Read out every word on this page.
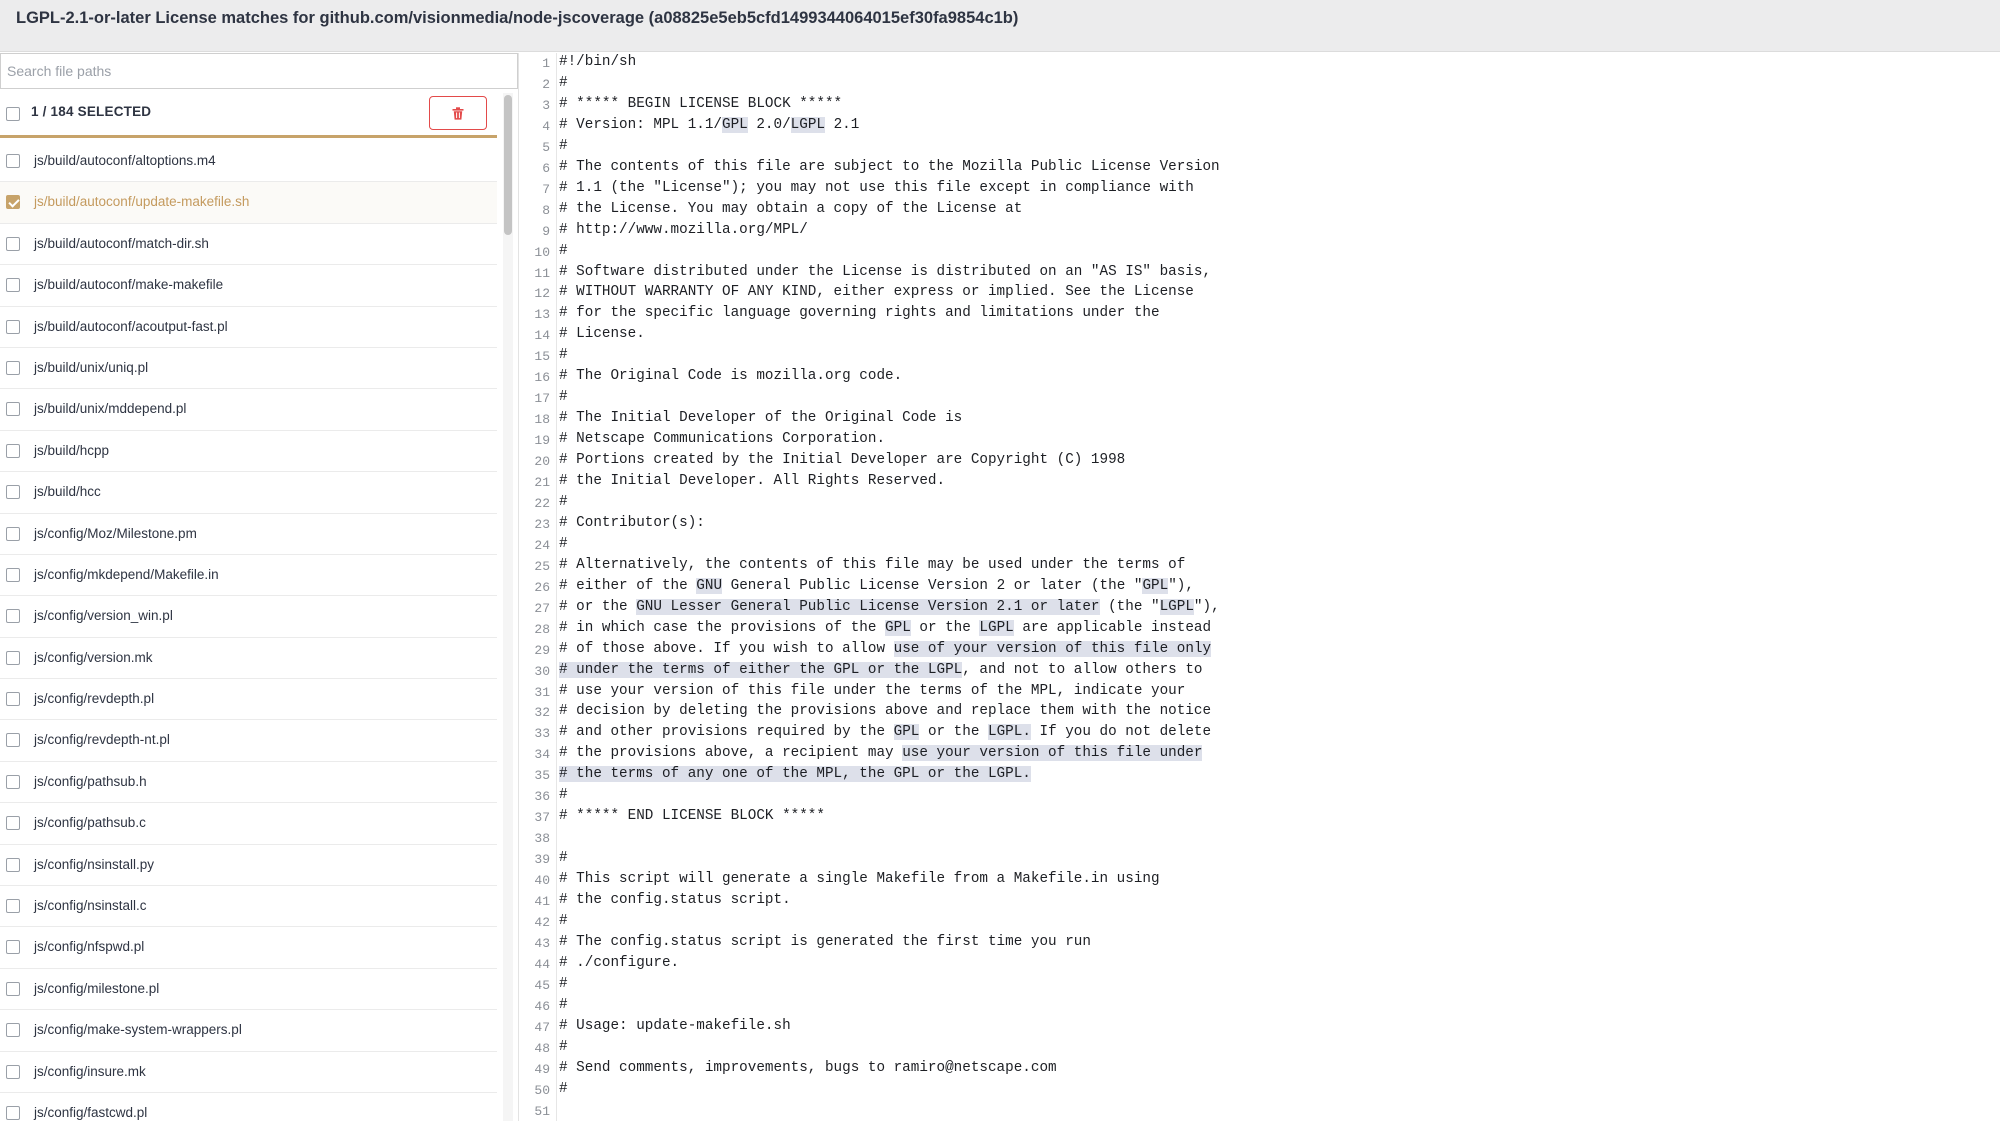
LGPL-2.1-or-later License matches for github.com/visionmedia/node-jscoverage (a08825e5eb5cfd1499344064015ef30fa9854c1b)
Search file paths
1 / 184 SELECTED
js/build/autoconf/altoptions.m4
js/build/autoconf/update-makefile.sh
js/build/autoconf/match-dir.sh
js/build/autoconf/make-makefile
js/build/autoconf/acoutput-fast.pl
js/build/unix/uniq.pl
js/build/unix/mddepend.pl
js/build/hcpp
js/build/hcc
js/config/Moz/Milestone.pm
js/config/mkdepend/Makefile.in
js/config/version_win.pl
js/config/version.mk
js/config/revdepth.pl
js/config/revdepth-nt.pl
js/config/pathsub.h
js/config/pathsub.c
js/config/nsinstall.py
js/config/nsinstall.c
js/config/nfspwd.pl
js/config/milestone.pl
js/config/make-system-wrappers.pl
js/config/insure.mk
js/config/fastcwd.pl
1 #!/bin/sh
2 #
3 # ***** BEGIN LICENSE BLOCK *****
4 # Version: MPL 1.1/GPL 2.0/LGPL 2.1
5 #
6 # The contents of this file are subject to the Mozilla Public License Version
7 # 1.1 (the "License"); you may not use this file except in compliance with
8 # the License. You may obtain a copy of the License at
9 # http://www.mozilla.org/MPL/
10 #
11 # Software distributed under the License is distributed on an "AS IS" basis,
12 # WITHOUT WARRANTY OF ANY KIND, either express or implied. See the License
13 # for the specific language governing rights and limitations under the
14 # License.
15 #
16 # The Original Code is mozilla.org code.
17 #
18 # The Initial Developer of the Original Code is
19 # Netscape Communications Corporation.
20 # Portions created by the Initial Developer are Copyright (C) 1998
21 # the Initial Developer. All Rights Reserved.
22 #
23 # Contributor(s):
24 #
25 # Alternatively, the contents of this file may be used under the terms of
26 # either of the GNU General Public License Version 2 or later (the "GPL"),
27 # or the GNU Lesser General Public License Version 2.1 or later (the "LGPL"),
28 # in which case the provisions of the GPL or the LGPL are applicable instead
29 # of those above. If you wish to allow use of your version of this file only
30 # under the terms of either the GPL or the LGPL, and not to allow others to
31 # use your version of this file under the terms of the MPL, indicate your
32 # decision by deleting the provisions above and replace them with the notice
33 # and other provisions required by the GPL or the LGPL. If you do not delete
34 # the provisions above, a recipient may use your version of this file under
35 # the terms of any one of the MPL, the GPL or the LGPL.
36 #
37 # ***** END LICENSE BLOCK *****
38
39 #
40 # This script will generate a single Makefile from a Makefile.in using
41 # the config.status script.
42 #
43 # The config.status script is generated the first time you run
44 # ./configure.
45 #
46 #
47 # Usage: update-makefile.sh
48 #
49 # Send comments, improvements, bugs to ramiro@netscape.com
50 #
51
